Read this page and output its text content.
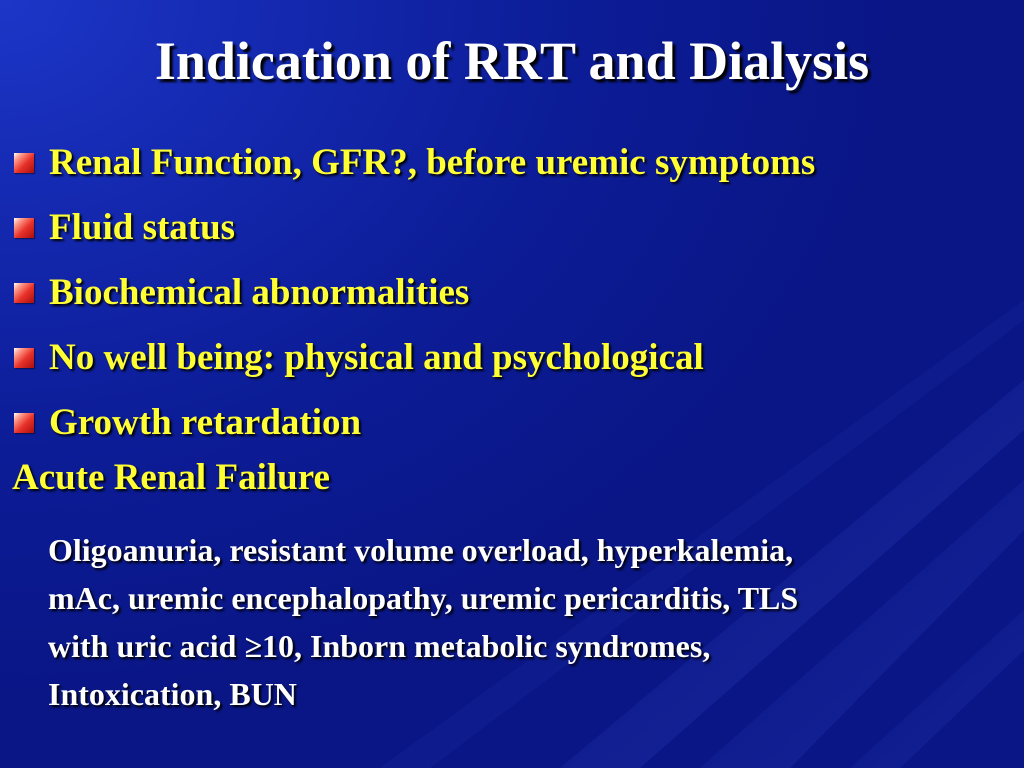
Indication of RRT and Dialysis
Renal Function, GFR?, before uremic symptoms
Fluid status
Biochemical abnormalities
No well being: physical and psychological
Growth retardation
Acute Renal Failure
Oligoanuria, resistant volume overload, hyperkalemia,
mAc, uremic encephalopathy, uremic pericarditis, TLS
with uric acid ≥10, Inborn metabolic syndromes,
Intoxication, BUN
